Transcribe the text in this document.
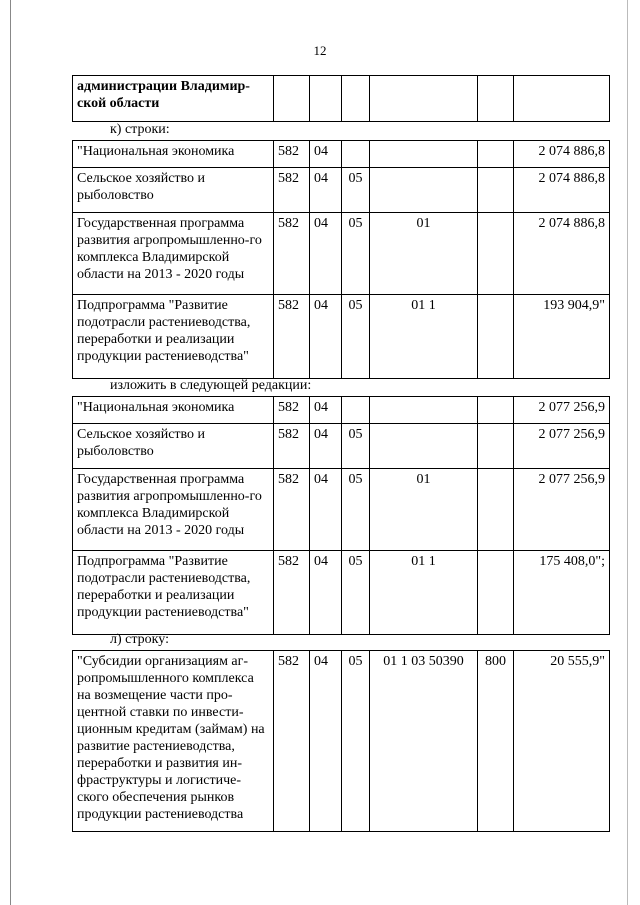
12
администрации Владимир-ской области						
к) строки:
"Национальная экономика	582	04				2 074 886,8
Сельское хозяйство и рыболовство	582	04	05			2 074 886,8
Государственная программа развития агропромышленно-го комплекса Владимирской области на 2013 - 2020 годы	582	04	05	01		2 074 886,8
Подпрограмма "Развитие подотрасли растениеводства, переработки и реализации продукции растениеводства"	582	04	05	01 1		193 904,9"
изложить в следующей редакции:
"Национальная экономика	582	04				2 077 256,9
Сельское хозяйство и рыболовство	582	04	05			2 077 256,9
Государственная программа развития агропромышленно-го комплекса Владимирской области на 2013 - 2020 годы	582	04	05	01		2 077 256,9
Подпрограмма "Развитие подотрасли растениеводства, переработки и реализации продукции растениеводства"	582	04	05	01 1		175 408,0";
л) строку:
"Субсидии организациям аг-ропромышленного комплекса на возмещение части про-центной ставки по инвести-ционным кредитам (займам) на развитие растениеводства, переработки и развития ин-фраструктуры и логистиче-ского обеспечения рынков продукции растениеводства	582	04	05	01 1 03 50390	800	20 555,9"
